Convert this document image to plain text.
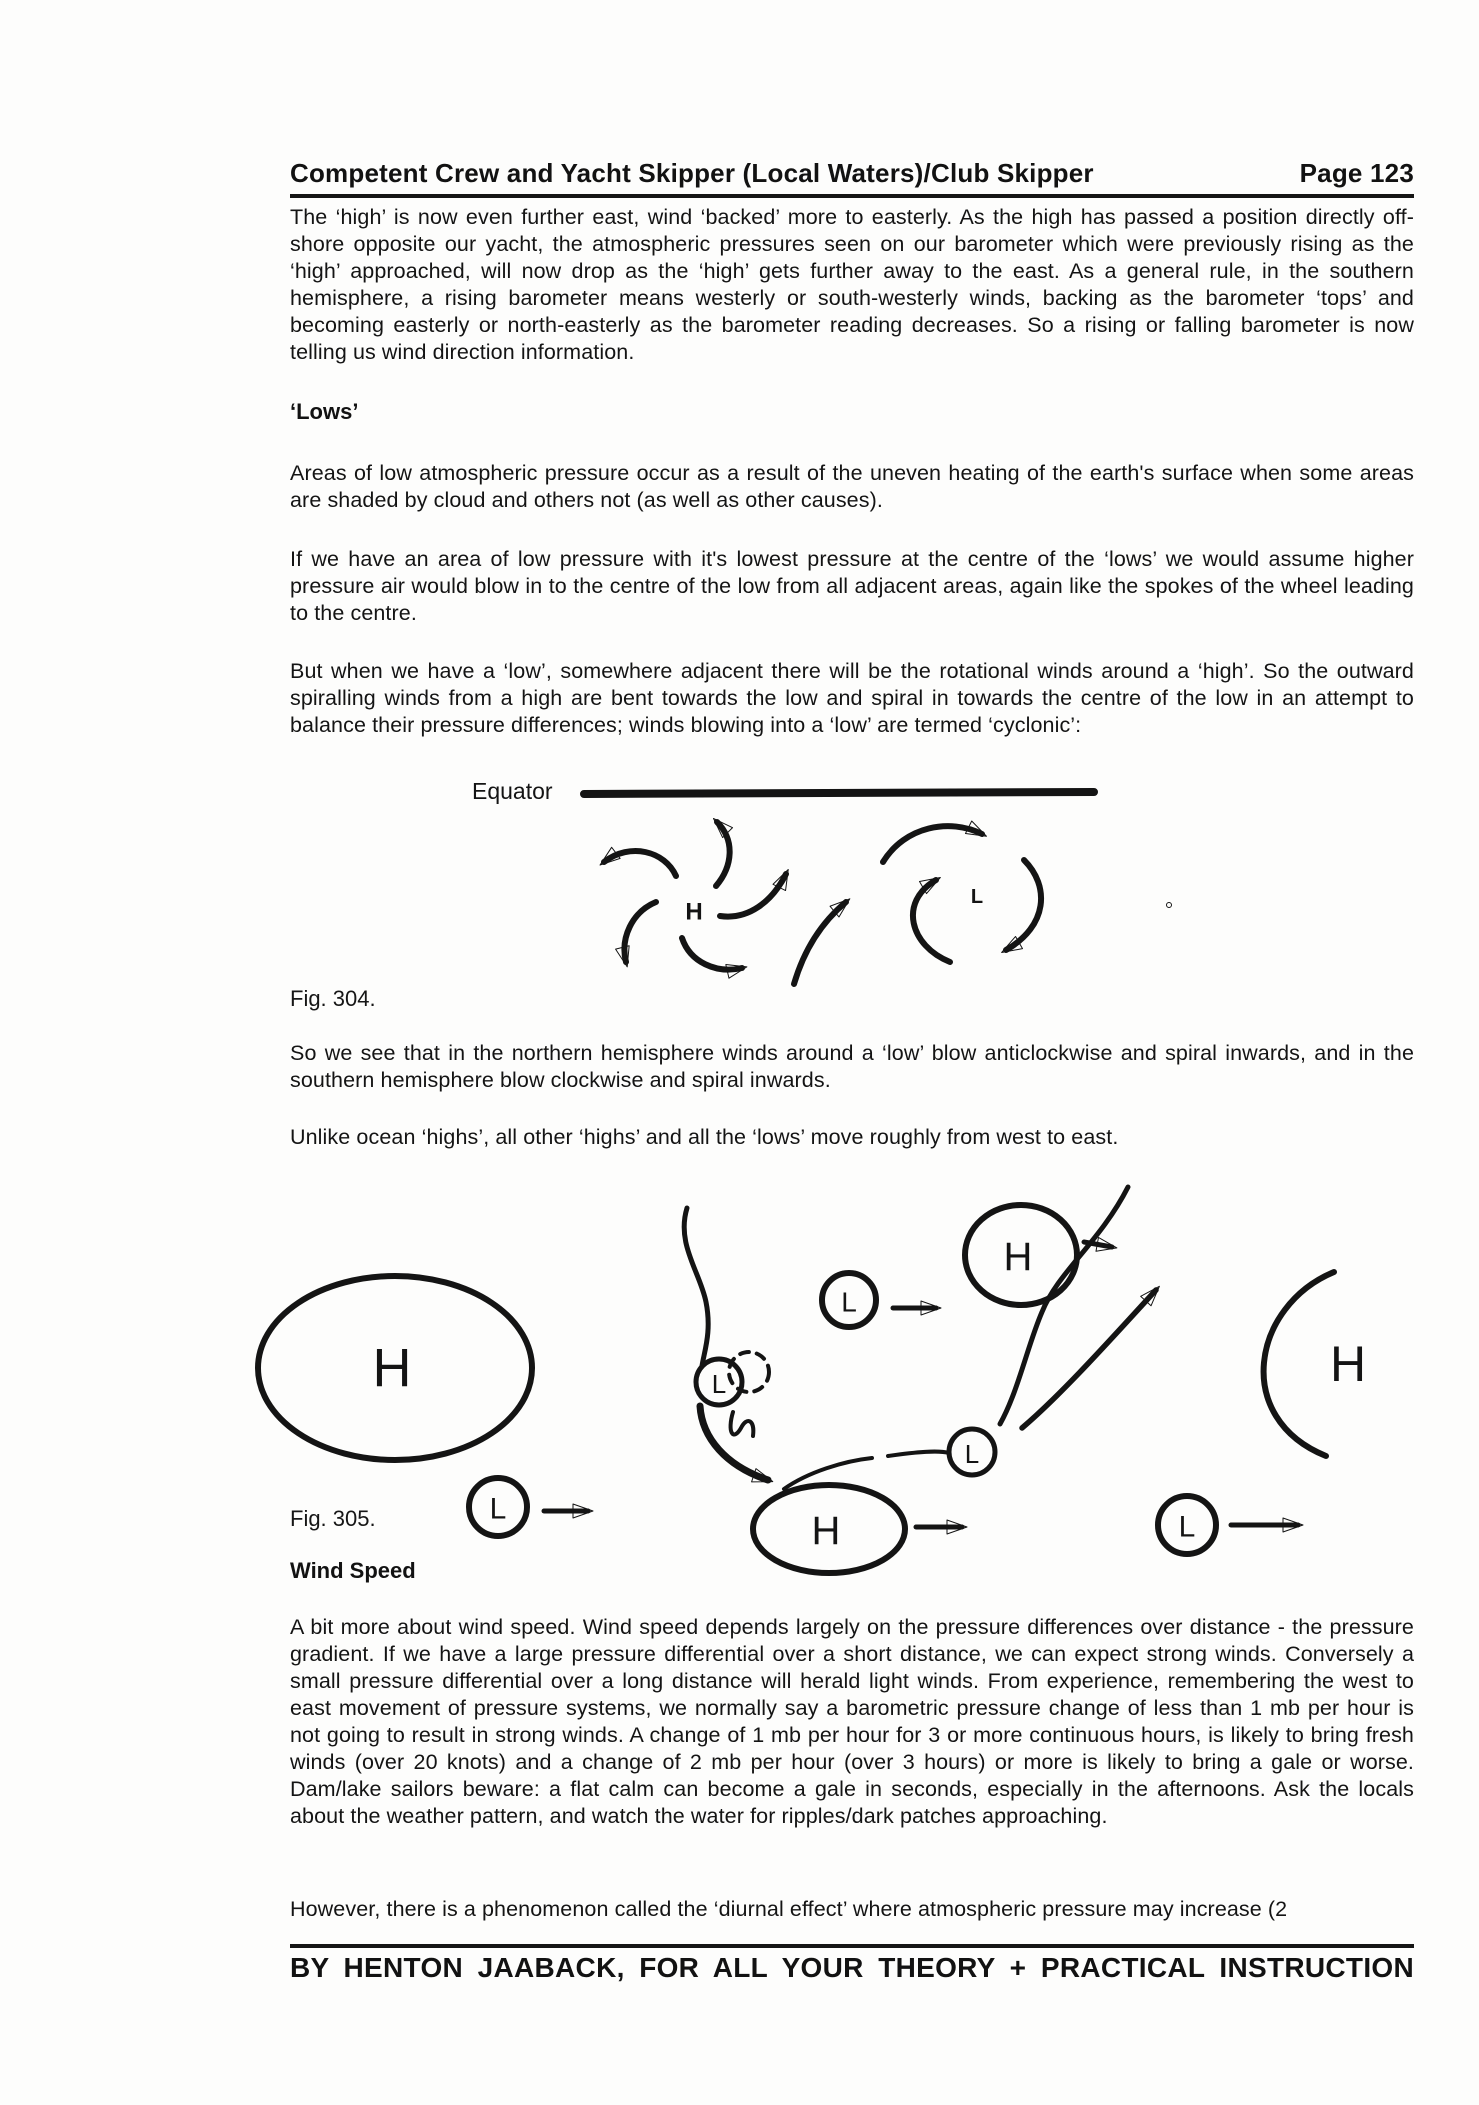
Competent Crew and Yacht Skipper (Local Waters)/Club Skipper	Page 123
The ‘high’ is now even further east, wind ‘backed’ more to easterly. As the high has passed a position directly off-shore opposite our yacht, the atmospheric pressures seen on our barometer which were previously rising as the ‘high’ approached, will now drop as the ‘high’ gets further away to the east. As a general rule, in the southern hemisphere, a rising barometer means westerly or south-westerly winds, backing as the barometer ‘tops’ and becoming easterly or north-easterly as the barometer reading decreases. So a rising or falling barometer is now telling us wind direction information.
‘Lows’
Areas of low atmospheric pressure occur as a result of the uneven heating of the earth's surface when some areas are shaded by cloud and others not (as well as other causes).
If we have an area of low pressure with it's lowest pressure at the centre of the ‘lows’ we would assume higher pressure air would blow in to the centre of the low from all adjacent areas, again like the spokes of the wheel leading to the centre.
But when we have a ‘low’, somewhere adjacent there will be the rotational winds around a ‘high’. So the outward spiralling winds from a high are bent towards the low and spiral in towards the centre of the low in an attempt to balance their pressure differences; winds blowing into a ‘low’ are termed ‘cyclonic’:
Equator
H
L
Fig. 304.
So we see that in the northern hemisphere winds around a ‘low’ blow anticlockwise and spiral inwards, and in the southern hemisphere blow clockwise and spiral inwards.
Unlike ocean ‘highs’, all other ‘highs’ and all the ‘lows’ move roughly from west to east.
H	L
L
H
L
H
H
L
L
Fig. 305.
Wind Speed
A bit more about wind speed. Wind speed depends largely on the pressure differences over distance - the pressure gradient. If we have a large pressure differential over a short distance, we can expect strong winds. Conversely a small pressure differential over a long distance will herald light winds. From experience, remembering the west to east movement of pressure systems, we normally say a barometric pressure change of less than 1 mb per hour is not going to result in strong winds. A change of 1 mb per hour for 3 or more continuous hours, is likely to bring fresh winds (over 20 knots) and a change of 2 mb per hour (over 3 hours) or more is likely to bring a gale or worse. Dam/lake sailors beware: a flat calm can become a gale in seconds, especially in the afternoons. Ask the locals about the weather pattern, and watch the water for ripples/dark patches approaching.
However, there is a phenomenon called the ‘diurnal effect’ where atmospheric pressure may increase (2
BY HENTON JAABACK, FOR ALL YOUR THEORY + PRACTICAL INSTRUCTION
